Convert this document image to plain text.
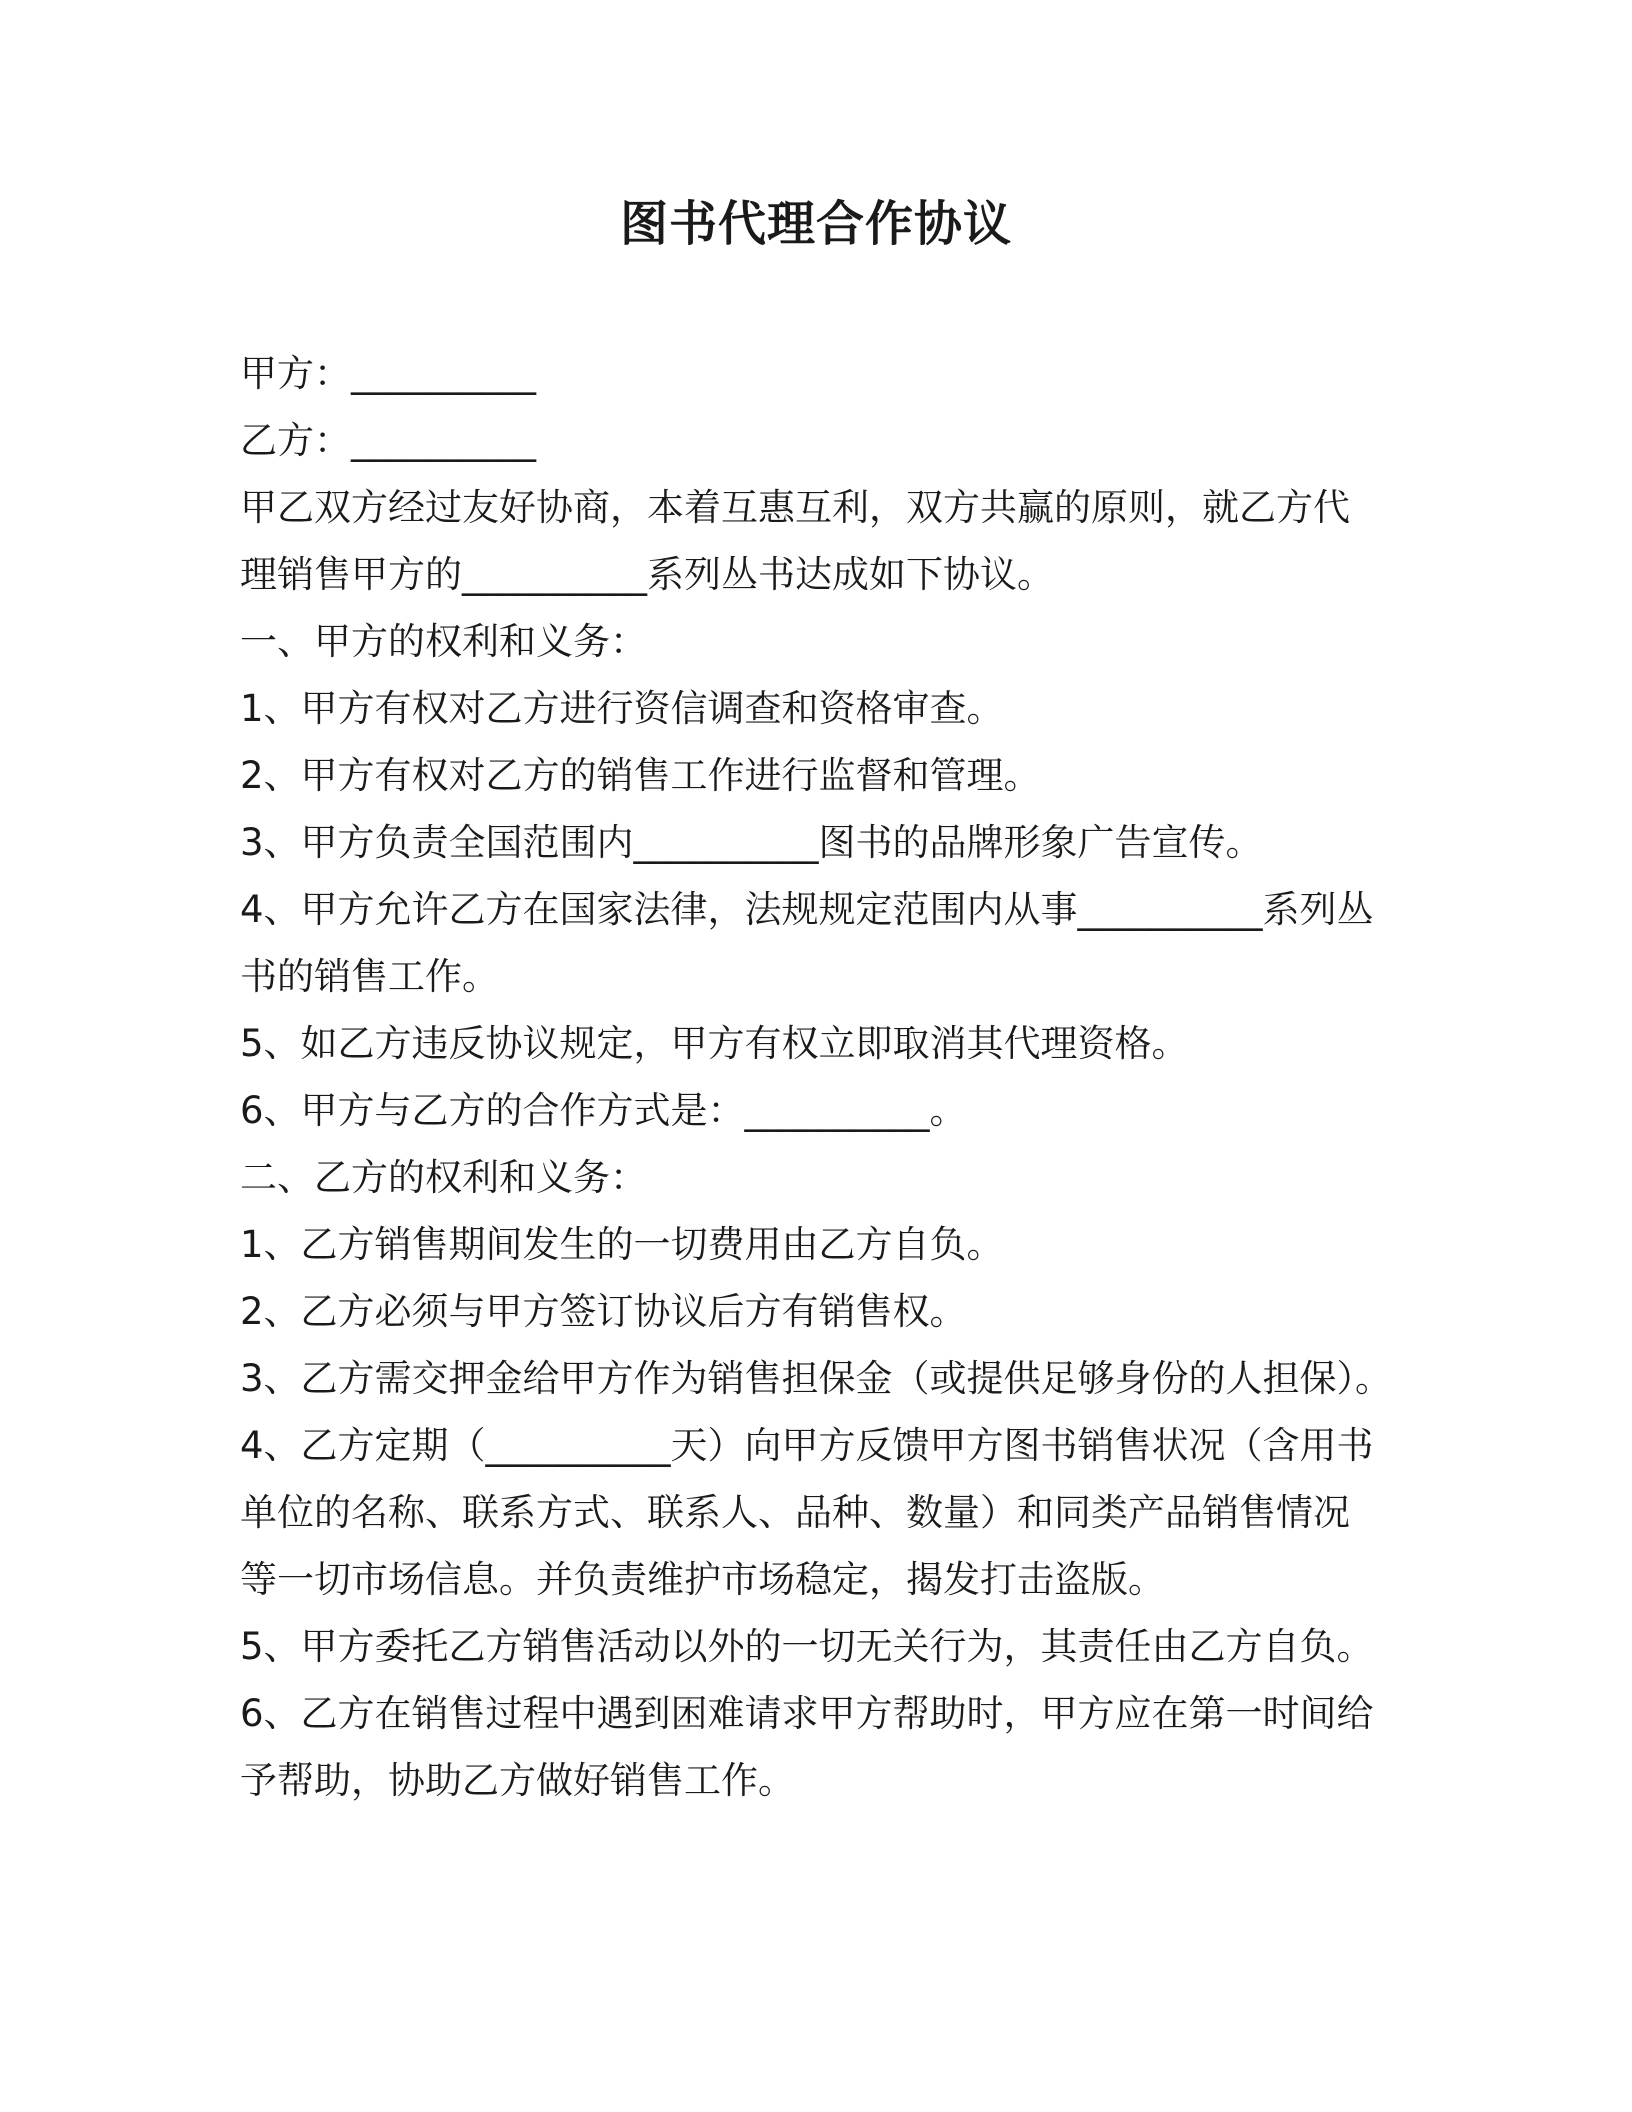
图书代理合作协议
甲方：__________
乙方：__________
甲乙双方经过友好协商，本着互惠互利，双方共赢的原则，就乙方代
理销售甲方的__________系列丛书达成如下协议。
一、甲方的权利和义务：
1、甲方有权对乙方进行资信调查和资格审查。
2、甲方有权对乙方的销售工作进行监督和管理。
3、甲方负责全国范围内__________图书的品牌形象广告宣传。
4、甲方允许乙方在国家法律，法规规定范围内从事__________系列丛
书的销售工作。
5、如乙方违反协议规定，甲方有权立即取消其代理资格。
6、甲方与乙方的合作方式是：__________。
二、乙方的权利和义务：
1、乙方销售期间发生的一切费用由乙方自负。
2、乙方必须与甲方签订协议后方有销售权。
3、乙方需交押金给甲方作为销售担保金（或提供足够身份的人担保）。
4、乙方定期（__________天）向甲方反馈甲方图书销售状况（含用书
单位的名称、联系方式、联系人、品种、数量）和同类产品销售情况
等一切市场信息。并负责维护市场稳定，揭发打击盗版。
5、甲方委托乙方销售活动以外的一切无关行为，其责任由乙方自负。
6、乙方在销售过程中遇到困难请求甲方帮助时，甲方应在第一时间给
予帮助，协助乙方做好销售工作。
